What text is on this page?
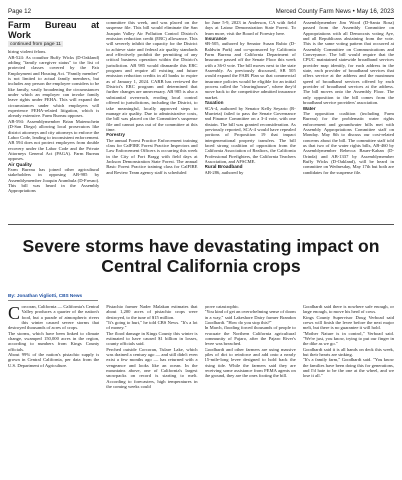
Page 12	Merced County Farm News • May 16, 2023

Farm Bureau at Work

continued from page 11

hiring violent felons.

AB-524: As coauthor Buffy Wicks (D-Oakland) adding "family caregiver status" to the list of protected classes covered by the Fair Employment and Housing Act. "Family member" is not limited to actual family members, but includes any person the employee considers to be like family, vastly broadening the circumstances under which an employer can invoke family leave rights under FEHA. This will expand the circumstances under which employers will experience FEHA-related litigation, which is already extensive. Farm Bureau opposes.

AB-594: Assemblymember Brian Maienschein (D-San Diego) allowing local prosecutors like district attorneys and city attorneys to enforce the Labor Code, leading to inconsistent enforcement. AB 594 does not protect employers from double recovery under the Labor Code and the Private Attorneys General Act (PAGA). Farm Bureau opposes.

Air Quality

Farm Bureau has joined other agricultural stakeholders in opposing AB-985 by Assemblymember Joaquin Arambula (D-Fresno). This bill was heard in the Assembly Appropriations

committee this week, and was placed on the suspense file. This bill would eliminate the San Joaquin Valley Air Pollution Control District's emission reduction credit (ERC) allowance. This will severely inhibit the capacity for the District to achieve state and federal air quality standards and effectively prohibit the permitting of any critical business operation within the District's jurisdiction. AB 985 would dismantle this ERC program and require all existing and future emission reduction credits in all banks to expire as of January 1, 2024. CARB has reviewed the District's ERC program and determined that further changes are unnecessary. AB 985 is also a substantial overreach, eroding local control offered to jurisdictions, including the District, to take meaningful, locally approved steps to manage air quality. Due to administrative costs, the bill was placed on the Committee's suspense file and cannot pass out of the committee at this time.

Forestry

The annual Forest Practice Enforcement training class for CalFIRE Forest Practice Inspectors and Law Enforcement Officers is occurring this week in the City of Fort Bragg with field days at Jackson Demonstration State Forest. The annual Basic Forest Practice training class for CalFIRE and Review Team agency staff is scheduled

for June 5-9, 2023 in Anderson, CA with field days at Latour Demonstration State Forest. To learn more, visit the Board of Forestry here.

Insurance

SB-505, authored by Senator Susan Rubio (D-Baldwin Park) and co-sponsored by California Farm Bureau and California Department of Insurance passed off the Senate Floor this week with a 36-0 vote. The bill moves next to the state Assembly. As previously discussed, SB 505 would expand the FAIR Plan so that commercial insurance policies would be eligible for an initial process called the "clearinghouse", where they'd move back to the competitive admitted insurance market.

Taxation

SCA-4, authored by Senator Kelly Seyarto (R-Murrieta) failed to pass the Senate Governance and Finance Committee on a 3-4 vote, with one abstain. The bill was granted reconsideration. As previously reported, SCA-4 would have repealed portions of Proposition 19 that impact intergenerational property transfers. The bill faced strong coalition of opposition from the California Association of Realtors, the California Professional Firefighters, the California Teachers Association, and AFSCME.

Rural Broadband

AB-286, authored by

Assemblymember Jim Wood (D-Santa Rosa) passed from the Assembly Committee on Appropriations with all Democrats voting Aye, and all Republicans abstaining from the vote. This is the same voting pattern that occurred at Assembly Committee on Communications and Conveyance. The bill would require that the CPUC maintained statewide broadband services provider map identify, for each address in the state, each provider of broadband services that offers service at the address and the maximum speed of broadband services offered by each provider of broadband services at the address. The bill moves onto the Assembly Floor. The only opposition to the bill comes from the broadband service providers' association.

Water

The opposition coalition (including Farm Bureau) for the problematic water rights enforcement and groundwater bills met with Assembly Appropriations Committee staff on Monday. May 8th to discuss our cost-related concerns about the bill. The committee staff told us that two of the water rights bills, AB-460 by Assemblymember Rebecca Bauer-Kahan (D-Orinda) and AB-1337 by Assemblymember Buffy Wicks (D-Oakland), will be heard in committee on Wednesday, May 17th but both are candidates for the suspense file.

Severe storms have devastating impact on Central California crops
By: Jonathan Vigliotti, CBS News

Corcoran, California — California's Central Valley produces a quarter of the nation's food, but a parade of atmospheric rivers this winter caused severe storms that destroyed thousands of acres of crops.

The storms, which have been linked to climate change, swamped 150,000 acres in the region, according to numbers from Kings County officials.

About 99% of the nation's pistachio supply is grown in Central California, per data from the U.S. Department of Agriculture.

Pistachio farmer Nader Malakan estimates that about 1,200 acres of pistachio crops were destroyed, to the tune of $15 million.

"It's going to hurt," he told CBS News. "It's a lot of money."

The flood damage in Kings County this winter is estimated to have caused $1 billion in losses, county officials said.

Perched outside Corcoran, Tulare Lake, which was drained a century ago — and still didn't even exist a few months ago — has returned with a vengeance and looks like an ocean. In the mountains above, one of California's largest snowpacks on record is starting to melt. According to forecasters, high temperatures in the coming weeks could

prove catastrophic.

"You kind of get an overwhelming sense of doom in a way," said Lakeshore Dairy farmer Brandon Goodhardt. "How do you stop this?"

In March, flooding forced thousands of people to evacuate the Northern California agricultural community of Pajaro, after the Pajaro River's levee was breached.

Goodhardt and other farmers are using massive piles of dirt to reinforce and add onto a nearly 15-mile-long levee designed to hold back the rising tide. While the farmers said they are receiving some assistance from FEMA agents on the ground, they are the ones footing the bill.

Goodhardt said there is nowhere safe enough, or large enough, to move his herd of cows.

Kings County Supervisor Doug Verboad said crews will finish the levee before the next major melt, but there is no guarantee it will hold.

"Mother Nature is in control," Verboad said. "We're just, you know, trying to put our finger in the dike as we go."

Goodhardt said it is all hands on deck this week, but their hearts are sinking.

"It's a family farm," Goodhardt said. "You know the families have been doing this for generations, and I'd hate to be the one at the wheel, and we lose it all."
